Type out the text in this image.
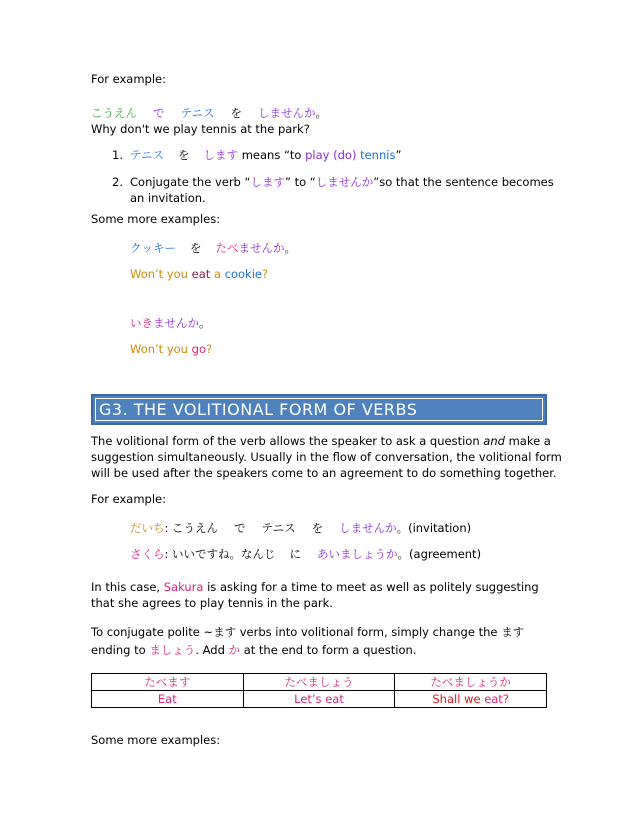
For example:
こうえん で テニス を しませんか。
Why don't we play tennis at the park?
1. テニス を します means “to play (do) tennis”
2. Conjugate the verb “します” to “しませんか”so that the sentence becomes
an invitation.
Some more examples:
クッキー を たべませんか。
Won’t you eat a cookie?
いきませんか。
Won’t you go?
G3. THE VOLITIONAL FORM OF VERBS
The volitional form of the verb allows the speaker to ask a question and make a
suggestion simultaneously. Usually in the flow of conversation, the volitional form
will be used after the speakers come to an agreement to do something together.
For example:
だいち: こうえん で テニス を しませんか。(invitation)
さくら: いいですね。なんじ に あいましょうか。(agreement)
In this case, Sakura is asking for a time to meet as well as politely suggesting
that she agrees to play tennis in the park.
To conjugate polite ~ます verbs into volitional form, simply change the ます
ending to ましょう. Add か at the end to form a question.
たべます	たべましょう	たべましょうか
Eat	Let’s eat	Shall we eat?
Some more examples:
